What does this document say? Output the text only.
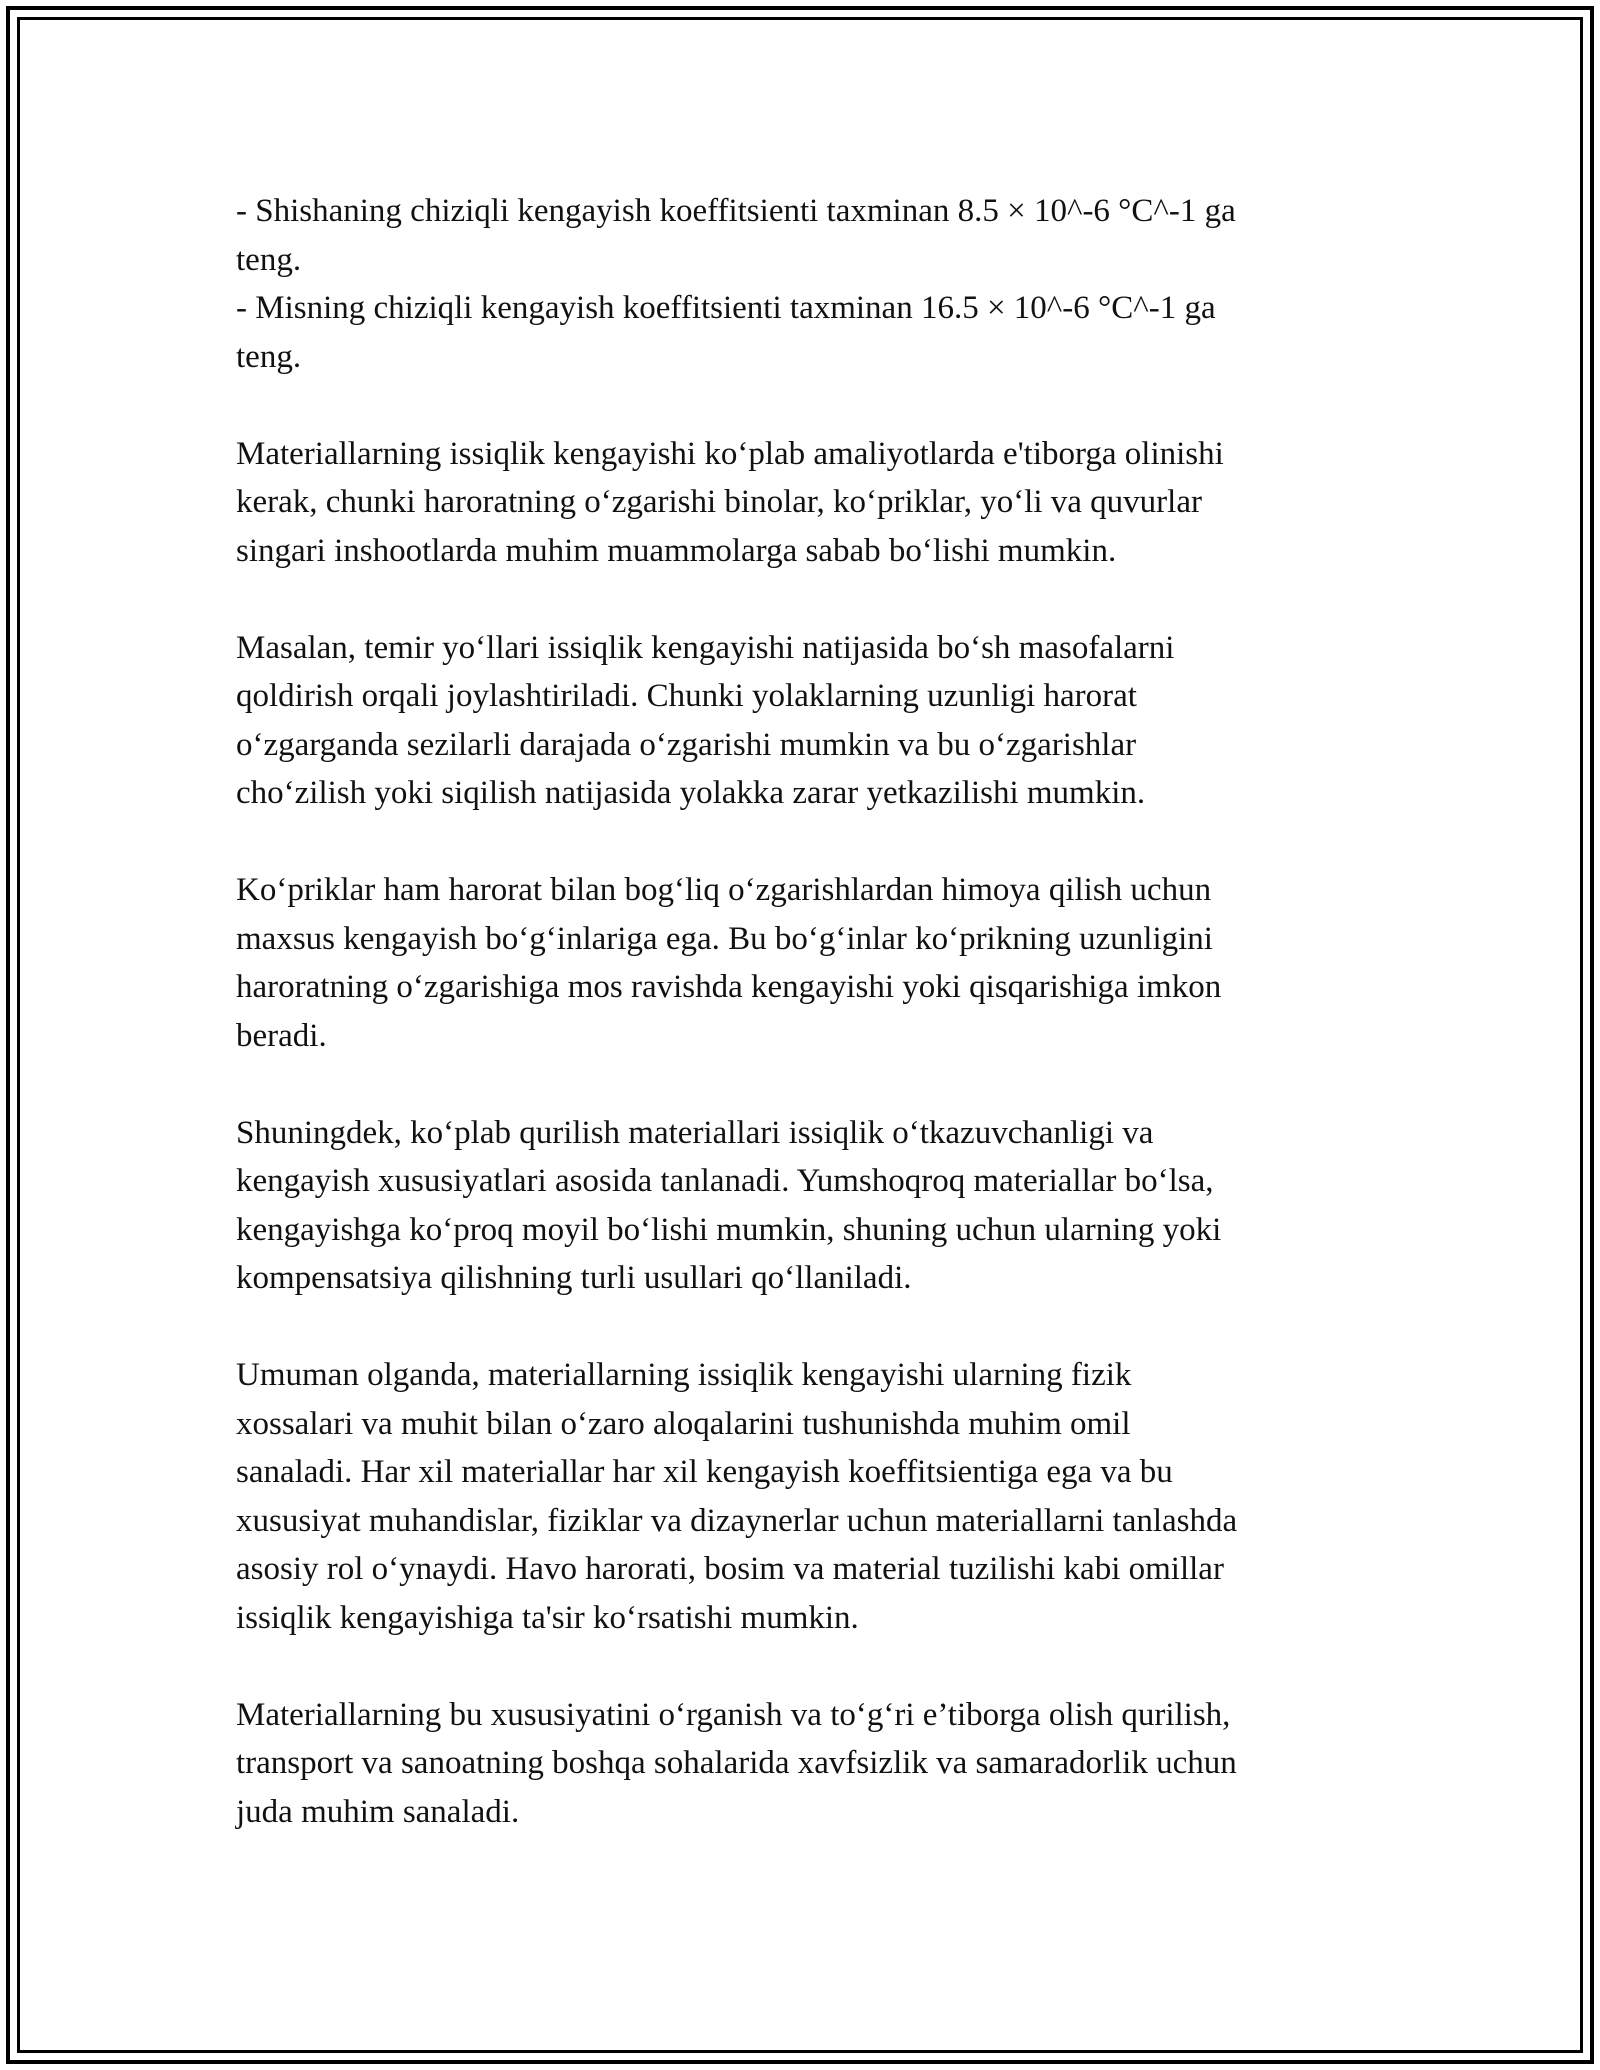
- Shishaning chiziqli kengayish koeffitsienti taxminan 8.5 × 10^-6 °C^-1 ga
teng.
- Misning chiziqli kengayish koeffitsienti taxminan 16.5 × 10^-6 °C^-1 ga
teng.

Materiallarning issiqlik kengayishi ko‘plab amaliyotlarda e'tiborga olinishi
kerak, chunki haroratning o‘zgarishi binolar, ko‘priklar, yo‘li va quvurlar
singari inshootlarda muhim muammolarga sabab bo‘lishi mumkin.

Masalan, temir yo‘llari issiqlik kengayishi natijasida bo‘sh masofalarni
qoldirish orqali joylashtiriladi. Chunki yolaklarning uzunligi harorat
o‘zgarganda sezilarli darajada o‘zgarishi mumkin va bu o‘zgarishlar
cho‘zilish yoki siqilish natijasida yolakka zarar yetkazilishi mumkin.

Ko‘priklar ham harorat bilan bog‘liq o‘zgarishlardan himoya qilish uchun
maxsus kengayish bo‘g‘inlariga ega. Bu bo‘g‘inlar ko‘prikning uzunligini
haroratning o‘zgarishiga mos ravishda kengayishi yoki qisqarishiga imkon
beradi.

Shuningdek, ko‘plab qurilish materiallari issiqlik o‘tkazuvchanligi va
kengayish xususiyatlari asosida tanlanadi. Yumshoqroq materiallar bo‘lsa,
kengayishga ko‘proq moyil bo‘lishi mumkin, shuning uchun ularning yoki
kompensatsiya qilishning turli usullari qo‘llaniladi.

Umuman olganda, materiallarning issiqlik kengayishi ularning fizik
xossalari va muhit bilan o‘zaro aloqalarini tushunishda muhim omil
sanaladi. Har xil materiallar har xil kengayish koeffitsientiga ega va bu
xususiyat muhandislar, fiziklar va dizaynerlar uchun materiallarni tanlashda
asosiy rol o‘ynaydi. Havo harorati, bosim va material tuzilishi kabi omillar
issiqlik kengayishiga ta'sir ko‘rsatishi mumkin.

Materiallarning bu xususiyatini o‘rganish va to‘g‘ri e’tiborga olish qurilish,
transport va sanoatning boshqa sohalarida xavfsizlik va samaradorlik uchun
juda muhim sanaladi.
